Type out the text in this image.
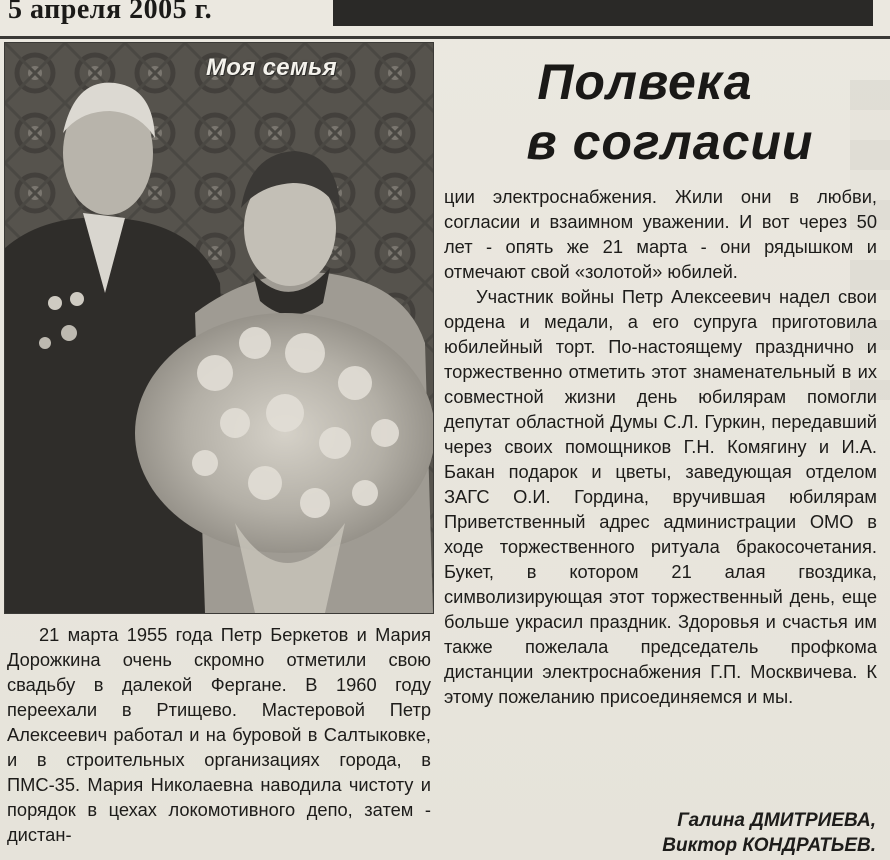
5 апреля 2005 г.
Моя семья	Полвека
в согласии

21 марта 1955 года Петр Беркетов и Мария Дорожкина очень скромно отметили свою свадьбу в далекой Фергане. В 1960 году переехали в Ртищево. Мастеровой Петр Алексеевич работал и на буровой в Салтыковке, и в строительных организациях города, в ПМС-35. Мария Николаевна наводила чистоту и порядок в цехах локомотивного депо, затем - дистан-

ции электроснабжения. Жили они в любви, согласии и взаимном уважении. И вот через 50 лет - опять же 21 марта - они рядышком и отмечают свой «золотой» юбилей.

Участник войны Петр Алексеевич надел свои ордена и медали, а его супруга приготовила юбилейный торт. По-настоящему празднично и торжественно отметить этот знаменательный в их совместной жизни день юбилярам помогли депутат областной Думы С.Л. Гуркин, передавший через своих помощников Г.Н. Комягину и И.А. Бакан подарок и цветы, заведующая отделом ЗАГС О.И. Гордина, вручившая юбилярам Приветственный адрес администрации ОМО в ходе торжественного ритуала бракосочетания. Букет, в котором 21 алая гвоздика, символизирующая этот торжественный день, еще больше украсил праздник. Здоровья и счастья им также пожелала председатель профкома дистанции электроснабжения Г.П. Москвичева. К этому пожеланию присоединяемся и мы.

Галина ДМИТРИЕВА,
Виктор КОНДРАТЬЕВ.
